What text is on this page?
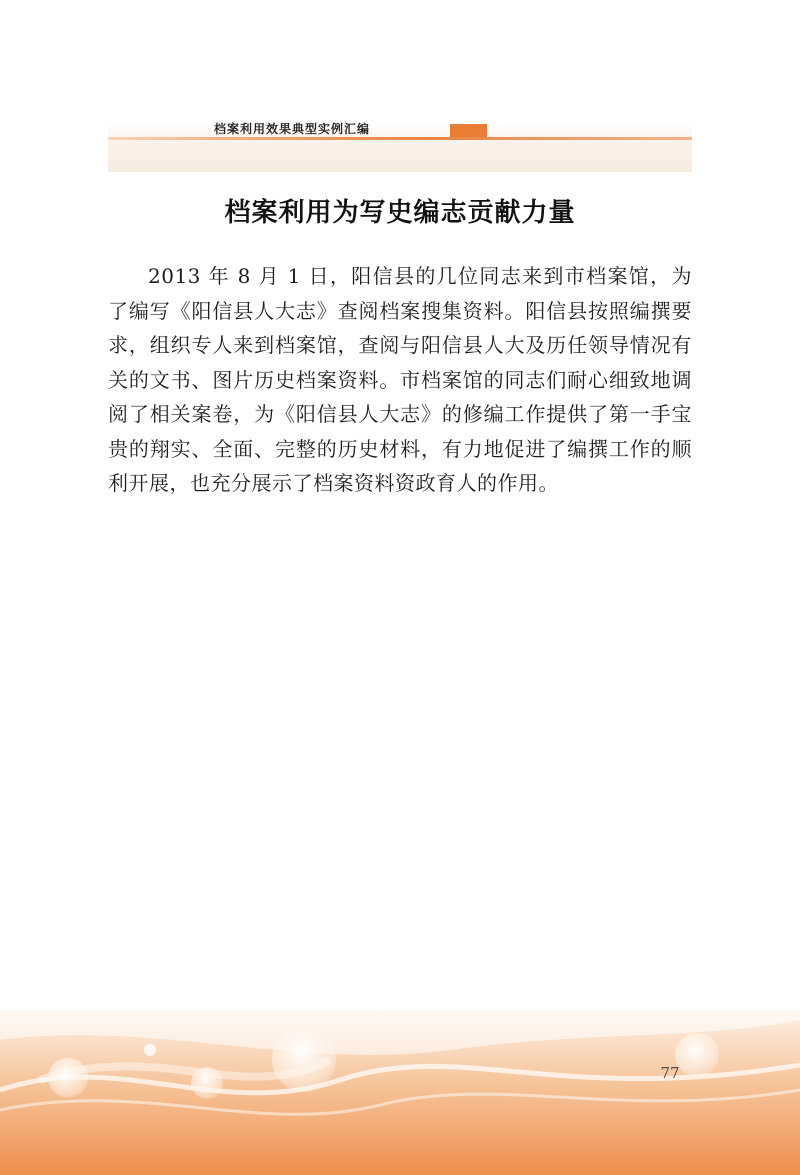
档案利用效果典型实例汇编
档案利用为写史编志贡献力量

2013 年 8 月 1 日，阳信县的几位同志来到市档案馆，为了编写《阳信县人大志》查阅档案搜集资料。阳信县按照编撰要求，组织专人来到档案馆，查阅与阳信县人大及历任领导情况有关的文书、图片历史档案资料。市档案馆的同志们耐心细致地调阅了相关案卷，为《阳信县人大志》的修编工作提供了第一手宝贵的翔实、全面、完整的历史材料，有力地促进了编撰工作的顺利开展，也充分展示了档案资料资政育人的作用。

77
